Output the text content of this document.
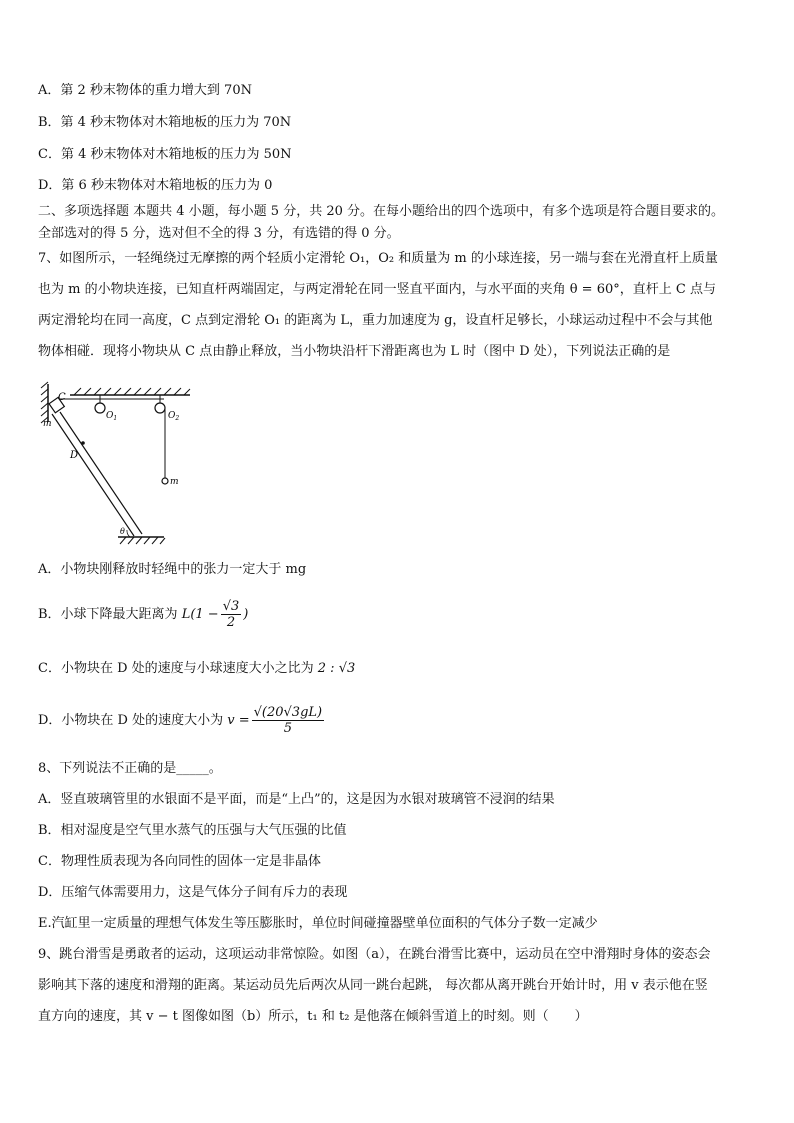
A．第 2 秒末物体的重力增大到 70N
B．第 4 秒末物体对木箱地板的压力为 70N
C．第 4 秒末物体对木箱地板的压力为 50N
D．第 6 秒末物体对木箱地板的压力为 0
二、多项选择题 本题共 4 小题，每小题 5 分，共 20 分。在每小题给出的四个选项中，有多个选项是符合题目要求的。
全部选对的得 5 分，选对但不全的得 3 分，有选错的得 0 分。
7、如图所示，一轻绳绕过无摩擦的两个轻质小定滑轮 O₁，O₂ 和质量为 m 的小球连接，另一端与套在光滑直杆上质量
也为 m 的小物块连接，已知直杆两端固定，与两定滑轮在同一竖直平面内，与水平面的夹角 θ = 60°，直杆上 C 点与
两定滑轮均在同一高度，C 点到定滑轮 O₁ 的距离为 L，重力加速度为 g，设直杆足够长，小球运动过程中不会与其他
物体相碰．现将小物块从 C 点由静止释放，当小物块沿杆下滑距离也为 L 时（图中 D 处），下列说法正确的是
C
m
$O_1$	$O_2$
D
m
θ
A．小物块刚释放时轻绳中的张力一定大于 mg
B．小球下降最大距离为 $L(1 - \frac{√3}{2}$ )
C．小物块在 D 处的速度与小球速度大小之比为 2 : √3
D．小物块在 D 处的速度大小为 $v = \frac{√(20√3gL)}{5}$
8、下列说法不正确的是_____。
A．竖直玻璃管里的水银面不是平面，而是“上凸”的，这是因为水银对玻璃管不浸润的结果
B．相对湿度是空气里水蒸气的压强与大气压强的比值
C．物理性质表现为各向同性的固体一定是非晶体
D．压缩气体需要用力，这是气体分子间有斥力的表现
E.汽缸里一定质量的理想气体发生等压膨胀时，单位时间碰撞器壁单位面积的气体分子数一定减少
9、跳台滑雪是勇敢者的运动，这项运动非常惊险。如图（a），在跳台滑雪比赛中，运动员在空中滑翔时身体的姿态会
影响其下落的速度和滑翔的距离。某运动员先后两次从同一跳台起跳， 每次都从离开跳台开始计时，用 v 表示他在竖
直方向的速度，其 v − t 图像如图（b）所示，t₁ 和 t₂ 是他落在倾斜雪道上的时刻。则（　　）
